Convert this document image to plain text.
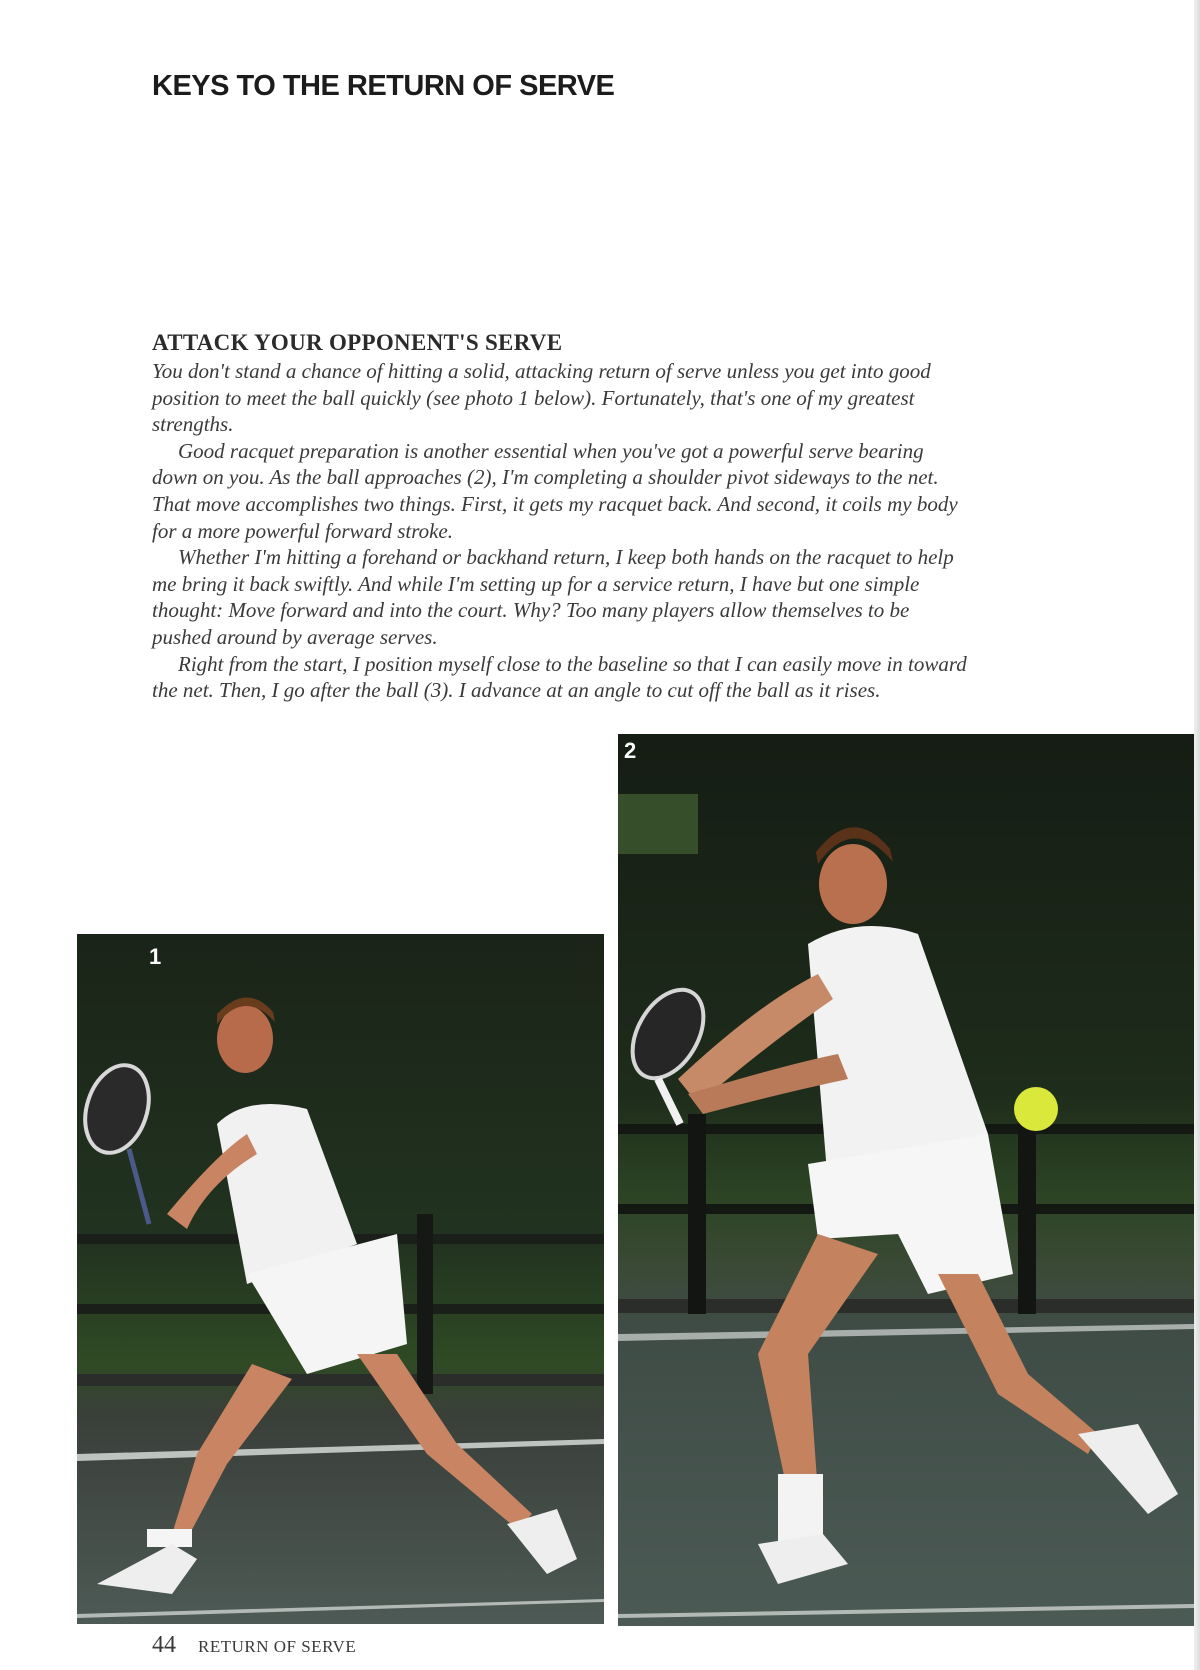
KEYS TO THE RETURN OF SERVE
ATTACK YOUR OPPONENT'S SERVE

You don't stand a chance of hitting a solid, attacking return of serve unless you get into good position to meet the ball quickly (see photo 1 below). Fortunately, that's one of my greatest strengths.

Good racquet preparation is another essential when you've got a powerful serve bearing down on you. As the ball approaches (2), I'm completing a shoulder pivot sideways to the net. That move accomplishes two things. First, it gets my racquet back. And second, it coils my body for a more powerful forward stroke.

Whether I'm hitting a forehand or backhand return, I keep both hands on the racquet to help me bring it back swiftly. And while I'm setting up for a service return, I have but one simple thought: Move forward and into the court. Why? Too many players allow themselves to be pushed around by average serves.

Right from the start, I position myself close to the baseline so that I can easily move in toward the net. Then, I go after the ball (3). I advance at an angle to cut off the ball as it rises.

1
2
44 RETURN OF SERVE
